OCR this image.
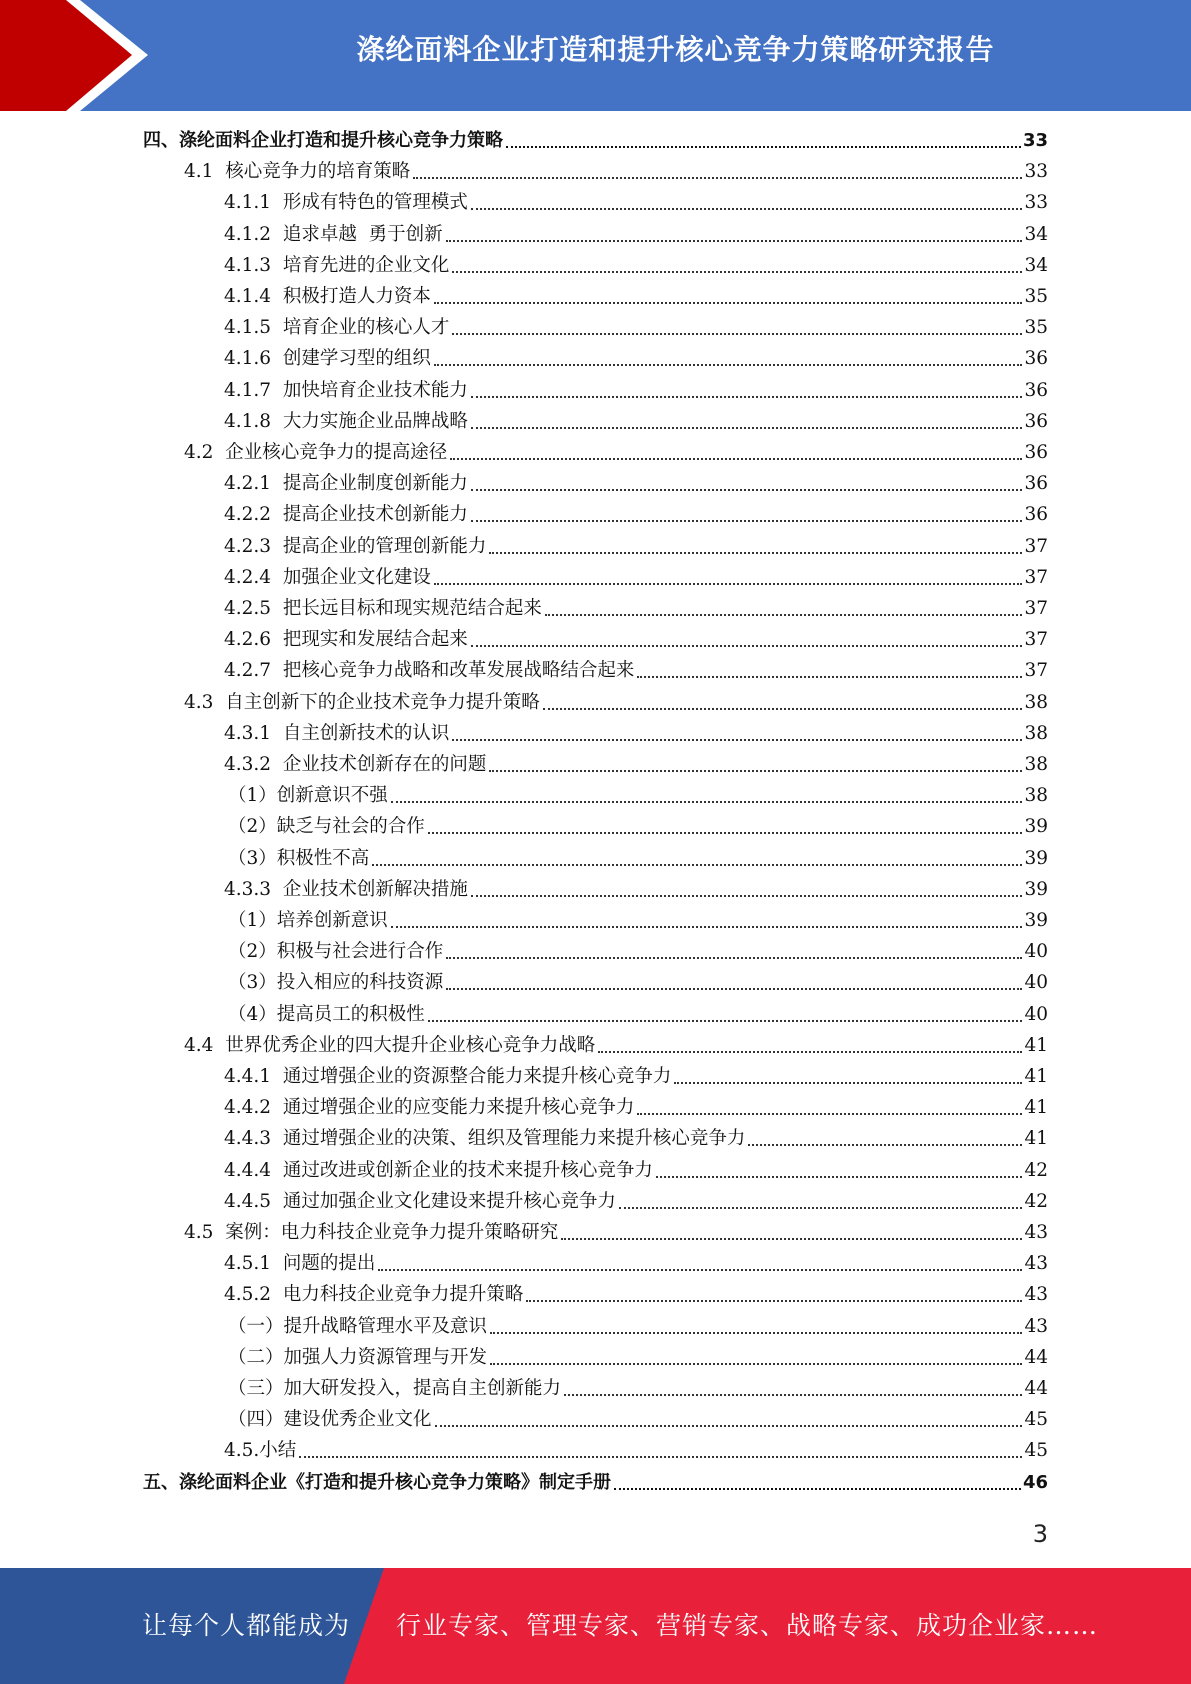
涤纶面料企业打造和提升核心竞争力策略研究报告
四、涤纶面料企业打造和提升核心竞争力策略	33
4.1 核心竞争力的培育策略	33
4.1.1 形成有特色的管理模式	33
4.1.2 追求卓越  勇于创新	34
4.1.3 培育先进的企业文化	34
4.1.4 积极打造人力资本	35
4.1.5 培育企业的核心人才	35
4.1.6 创建学习型的组织	36
4.1.7 加快培育企业技术能力	36
4.1.8 大力实施企业品牌战略	36
4.2 企业核心竞争力的提高途径	36
4.2.1 提高企业制度创新能力	36
4.2.2 提高企业技术创新能力	36
4.2.3 提高企业的管理创新能力	37
4.2.4 加强企业文化建设	37
4.2.5 把长远目标和现实规范结合起来	37
4.2.6 把现实和发展结合起来	37
4.2.7 把核心竞争力战略和改革发展战略结合起来	37
4.3 自主创新下的企业技术竞争力提升策略	38
4.3.1 自主创新技术的认识	38
4.3.2 企业技术创新存在的问题	38
（1） 创新意识不强	38
（2） 缺乏与社会的合作	39
（3） 积极性不高	39
4.3.3 企业技术创新解决措施	39
（1） 培养创新意识	39
（2） 积极与社会进行合作	40
（3） 投入相应的科技资源	40
（4） 提高员工的积极性	40
4.4 世界优秀企业的四大提升企业核心竞争力战略	41
4.4.1 通过增强企业的资源整合能力来提升核心竞争力	41
4.4.2 通过增强企业的应变能力来提升核心竞争力	41
4.4.3 通过增强企业的决策、组织及管理能力来提升核心竞争力	41
4.4.4 通过改进或创新企业的技术来提升核心竞争力	42
4.4.5 通过加强企业文化建设来提升核心竞争力	42
4.5 案例：电力科技企业竞争力提升策略研究	43
4.5.1 问题的提出	43
4.5.2 电力科技企业竞争力提升策略	43
（一） 提升战略管理水平及意识	43
（二） 加强人力资源管理与开发	44
（三） 加大研发投入，提高自主创新能力	44
（四） 建设优秀企业文化	45
4.5.小结	45
五、涤纶面料企业《打造和提升核心竞争力策略》制定手册	46
3
让每个人都能成为 行业专家、管理专家、营销专家、战略专家、成功企业家……
